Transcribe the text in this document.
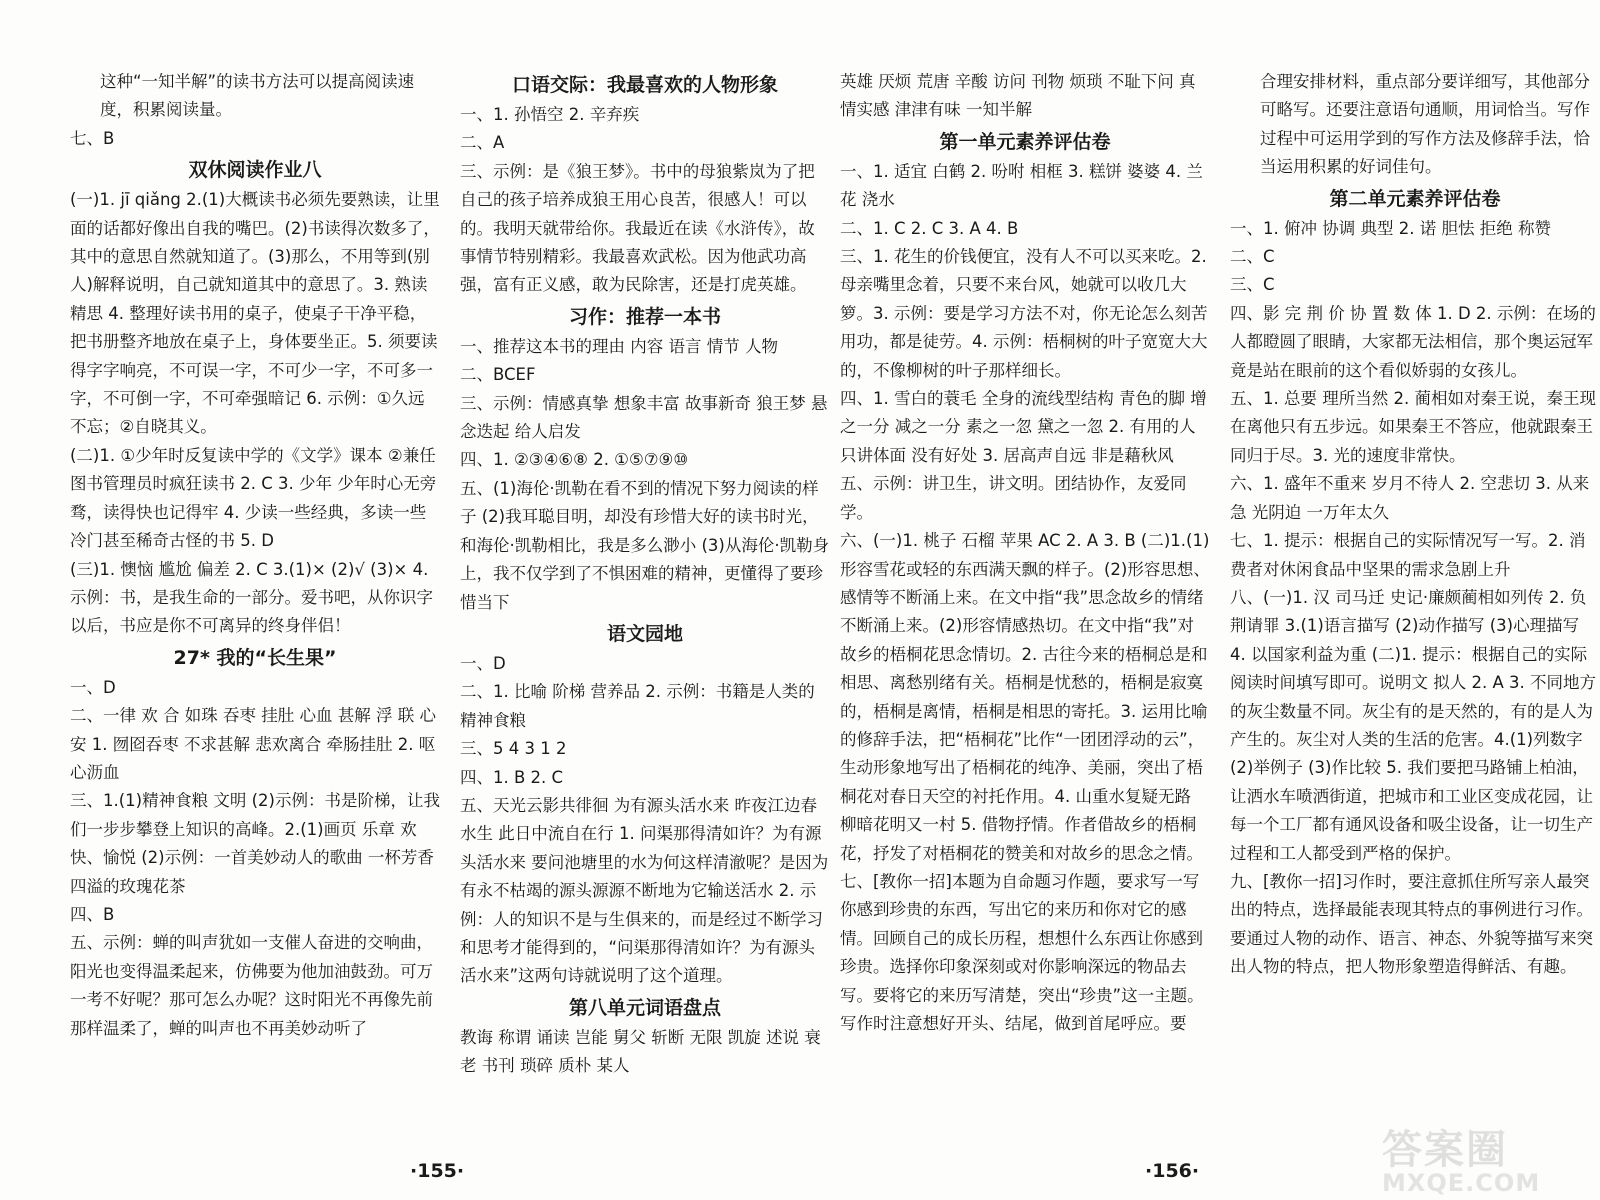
这种“一知半解”的读书方法可以提高阅读速度，积累阅读量。
七、B
双休阅读作业八
(一)1. jī qiǎng 2.(1)大概读书必须先要熟读，让里面的话都好像出自我的嘴巴。(2)书读得次数多了，其中的意思自然就知道了。(3)那么，不用等到(别人)解释说明，自己就知道其中的意思了。3. 熟读 精思 4. 整理好读书用的桌子，使桌子干净平稳，把书册整齐地放在桌子上，身体要坐正。5. 须要读得字字响亮，不可误一字，不可少一字，不可多一字，不可倒一字，不可牵强暗记 6. 示例：①久远不忘；②自晓其义。
(二)1. ①少年时反复读中学的《文学》课本 ②兼任图书管理员时疯狂读书 2. C 3. 少年 少年时心无旁骛，读得快也记得牢 4. 少读一些经典，多读一些冷门甚至稀奇古怪的书 5. D
(三)1. 懊恼 尴尬 偏差 2. C 3.(1)× (2)√ (3)× 4. 示例：书，是我生命的一部分。爱书吧，从你识字以后，书应是你不可离异的终身伴侣！
27* 我的“长生果”
一、D
二、一律 欢 合 如珠 吞枣 挂肚 心血 甚解 浮 联 心安 1. 囫囵吞枣 不求甚解 悲欢离合 牵肠挂肚 2. 呕心沥血
三、1.(1)精神食粮 文明 (2)示例：书是阶梯，让我们一步步攀登上知识的高峰。2.(1)画页 乐章 欢快、愉悦 (2)示例：一首美妙动人的歌曲 一杯芳香四溢的玫瑰花茶
四、B
五、示例：蝉的叫声犹如一支催人奋进的交响曲，阳光也变得温柔起来，仿佛要为他加油鼓劲。可万一考不好呢？那可怎么办呢？这时阳光不再像先前那样温柔了，蝉的叫声也不再美妙动听了
口语交际：我最喜欢的人物形象
一、1. 孙悟空 2. 辛弃疾
二、A
三、示例：是《狼王梦》。书中的母狼紫岚为了把自己的孩子培养成狼王用心良苦，很感人！可以的。我明天就带给你。我最近在读《水浒传》，故事情节特别精彩。我最喜欢武松。因为他武功高强，富有正义感，敢为民除害，还是打虎英雄。
习作：推荐一本书
一、推荐这本书的理由 内容 语言 情节 人物
二、BCEF
三、示例：情感真挚 想象丰富 故事新奇 狼王梦 悬念迭起 给人启发
四、1. ②③④⑥⑧ 2. ①⑤⑦⑨⑩
五、(1)海伦·凯勒在看不到的情况下努力阅读的样子 (2)我耳聪目明，却没有珍惜大好的读书时光，和海伦·凯勒相比，我是多么渺小 (3)从海伦·凯勒身上，我不仅学到了不惧困难的精神，更懂得了要珍惜当下
语文园地
一、D
二、1. 比喻 阶梯 营养品 2. 示例：书籍是人类的精神食粮
三、5 4 3 1 2
四、1. B 2. C
五、天光云影共徘徊 为有源头活水来 昨夜江边春水生 此日中流自在行 1. 问渠那得清如许？为有源头活水来 要问池塘里的水为何这样清澈呢？是因为有永不枯竭的源头源源不断地为它输送活水 2. 示例：人的知识不是与生俱来的，而是经过不断学习和思考才能得到的，“问渠那得清如许？为有源头活水来”这两句诗就说明了这个道理。
第八单元词语盘点
教诲 称谓 诵读 岂能 舅父 斩断 无限 凯旋 述说 衰老 书刊 琐碎 质朴 某人
英雄 厌烦 荒唐 辛酸 访问 刊物 烦琐 不耻下问 真情实感 津津有味 一知半解
第一单元素养评估卷
一、1. 适宜 白鹤 2. 吩咐 相框 3. 糕饼 婆婆 4. 兰花 浇水
二、1. C 2. C 3. A 4. B
三、1. 花生的价钱便宜，没有人不可以买来吃。2. 母亲嘴里念着，只要不来台风，她就可以收几大箩。3. 示例：要是学习方法不对，你无论怎么刻苦用功，都是徒劳。4. 示例：梧桐树的叶子宽宽大大的，不像柳树的叶子那样细长。
四、1. 雪白的蓑毛 全身的流线型结构 青色的脚 增之一分 减之一分 素之一忽 黛之一忽 2. 有用的人 只讲体面 没有好处 3. 居高声自远 非是藉秋风
五、示例：讲卫生，讲文明。团结协作，友爱同学。
六、(一)1. 桃子 石榴 苹果 AC 2. A 3. B (二)1.(1)形容雪花或轻的东西满天飘的样子。(2)形容思想、感情等不断涌上来。在文中指“我”思念故乡的情绪不断涌上来。(2)形容情感热切。在文中指“我”对故乡的梧桐花思念情切。2. 古往今来的梧桐总是和相思、离愁别绪有关。梧桐是忧愁的，梧桐是寂寞的，梧桐是离情，梧桐是相思的寄托。3. 运用比喻的修辞手法，把“梧桐花”比作“一团团浮动的云”，生动形象地写出了梧桐花的纯净、美丽，突出了梧桐花对春日天空的衬托作用。4. 山重水复疑无路 柳暗花明又一村 5. 借物抒情。作者借故乡的梧桐花，抒发了对梧桐花的赞美和对故乡的思念之情。
七、[教你一招]本题为自命题习作题，要求写一写你感到珍贵的东西，写出它的来历和你对它的感情。回顾自己的成长历程，想想什么东西让你感到珍贵。选择你印象深刻或对你影响深远的物品去写。要将它的来历写清楚，突出“珍贵”这一主题。写作时注意想好开头、结尾，做到首尾呼应。要
合理安排材料，重点部分要详细写，其他部分可略写。还要注意语句通顺，用词恰当。写作过程中可运用学到的写作方法及修辞手法，恰当运用积累的好词佳句。
第二单元素养评估卷
一、1. 俯冲 协调 典型 2. 诺 胆怯 拒绝 称赞
二、C
三、C
四、影 完 荆 价 协 置 数 体 1. D 2. 示例：在场的人都瞪圆了眼睛，大家都无法相信，那个奥运冠军竟是站在眼前的这个看似娇弱的女孩儿。
五、1. 总要 理所当然 2. 蔺相如对秦王说，秦王现在离他只有五步远。如果秦王不答应，他就跟秦王同归于尽。3. 光的速度非常快。
六、1. 盛年不重来 岁月不待人 2. 空悲切 3. 从来急 光阴迫 一万年太久
七、1. 提示：根据自己的实际情况写一写。2. 消费者对休闲食品中坚果的需求急剧上升
八、(一)1. 汉 司马迁 史记·廉颇蔺相如列传 2. 负荆请罪 3.(1)语言描写 (2)动作描写 (3)心理描写 4. 以国家利益为重 (二)1. 提示：根据自己的实际阅读时间填写即可。说明文 拟人 2. A 3. 不同地方的灰尘数量不同。灰尘有的是天然的，有的是人为产生的。灰尘对人类的生活的危害。4.(1)列数字 (2)举例子 (3)作比较 5. 我们要把马路铺上柏油，让洒水车喷洒街道，把城市和工业区变成花园，让每一个工厂都有通风设备和吸尘设备，让一切生产过程和工人都受到严格的保护。
九、[教你一招]习作时，要注意抓住所写亲人最突出的特点，选择最能表现其特点的事例进行习作。要通过人物的动作、语言、神态、外貌等描写来突出人物的特点，把人物形象塑造得鲜活、有趣。
·155·	·156·	答案圈
MXQE.COM
